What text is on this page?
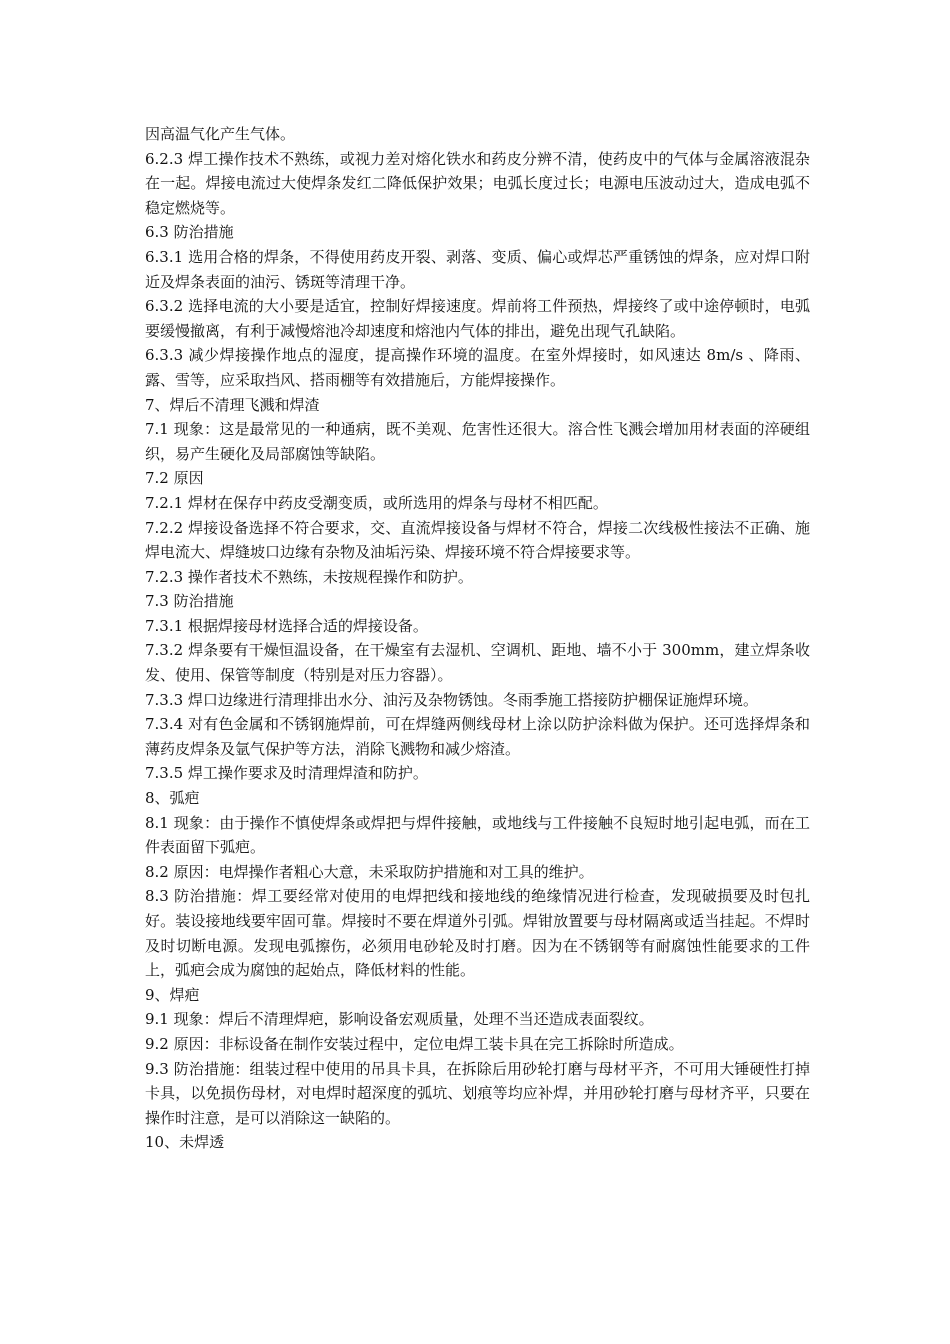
因高温气化产生气体。

6.2.3 焊工操作技术不熟练，或视力差对熔化铁水和药皮分辨不清，使药皮中的气体与金属溶液混杂在一起。焊接电流过大使焊条发红二降低保护效果；电弧长度过长；电源电压波动过大，造成电弧不稳定燃烧等。

6.3 防治措施

6.3.1 选用合格的焊条，不得使用药皮开裂、剥落、变质、偏心或焊芯严重锈蚀的焊条，应对焊口附近及焊条表面的油污、锈斑等清理干净。

6.3.2 选择电流的大小要是适宜，控制好焊接速度。焊前将工件预热，焊接终了或中途停顿时，电弧要缓慢撤离，有利于减慢熔池冷却速度和熔池内气体的排出，避免出现气孔缺陷。

6.3.3 减少焊接操作地点的湿度，提高操作环境的温度。在室外焊接时，如风速达 8m/s 、降雨、露、雪等，应采取挡风、搭雨棚等有效措施后，方能焊接操作。

7、焊后不清理飞溅和焊渣

7.1 现象：这是最常见的一种通病，既不美观、危害性还很大。溶合性飞溅会增加用材表面的淬硬组织，易产生硬化及局部腐蚀等缺陷。

7.2 原因

7.2.1 焊材在保存中药皮受潮变质，或所选用的焊条与母材不相匹配。

7.2.2 焊接设备选择不符合要求，交、直流焊接设备与焊材不符合，焊接二次线极性接法不正确、施焊电流大、焊缝坡口边缘有杂物及油垢污染、焊接环境不符合焊接要求等。

7.2.3 操作者技术不熟练，未按规程操作和防护。

7.3 防治措施

7.3.1 根据焊接母材选择合适的焊接设备。

7.3.2 焊条要有干燥恒温设备，在干燥室有去湿机、空调机、距地、墙不小于 300mm，建立焊条收发、使用、保管等制度（特别是对压力容器）。

7.3.3 焊口边缘进行清理排出水分、油污及杂物锈蚀。冬雨季施工搭接防护棚保证施焊环境。

7.3.4 对有色金属和不锈钢施焊前，可在焊缝两侧线母材上涂以防护涂料做为保护。还可选择焊条和薄药皮焊条及氩气保护等方法，消除飞溅物和减少熔渣。

7.3.5 焊工操作要求及时清理焊渣和防护。

8、弧疤

8.1 现象：由于操作不慎使焊条或焊把与焊件接触，或地线与工件接触不良短时地引起电弧，而在工件表面留下弧疤。

8.2 原因：电焊操作者粗心大意，未采取防护措施和对工具的维护。

8.3 防治措施：焊工要经常对使用的电焊把线和接地线的绝缘情况进行检查，发现破损要及时包扎好。装设接地线要牢固可靠。焊接时不要在焊道外引弧。焊钳放置要与母材隔离或适当挂起。不焊时及时切断电源。发现电弧擦伤，必须用电砂轮及时打磨。因为在不锈钢等有耐腐蚀性能要求的工件上，弧疤会成为腐蚀的起始点，降低材料的性能。

9、焊疤

9.1 现象：焊后不清理焊疤，影响设备宏观质量，处理不当还造成表面裂纹。

9.2 原因：非标设备在制作安装过程中，定位电焊工装卡具在完工拆除时所造成。

9.3 防治措施：组装过程中使用的吊具卡具，在拆除后用砂轮打磨与母材平齐，不可用大锤硬性打掉卡具，以免损伤母材，对电焊时超深度的弧坑、划痕等均应补焊，并用砂轮打磨与母材齐平，只要在操作时注意，是可以消除这一缺陷的。

10、未焊透
